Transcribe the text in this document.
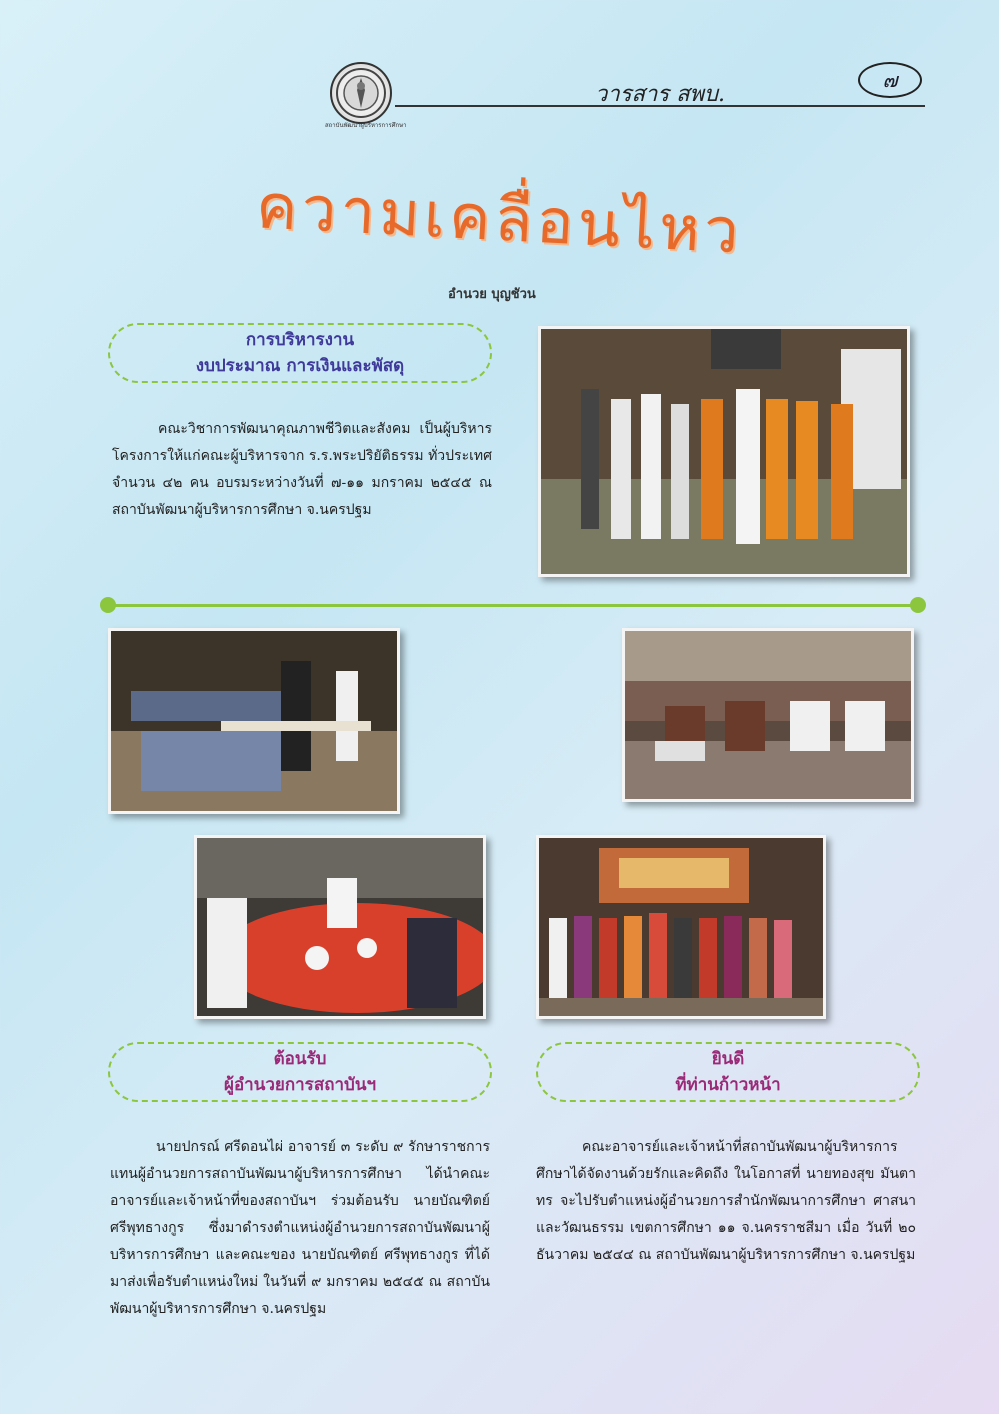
สถาบันพัฒนาผู้บริหารการศึกษา
วารสาร สพบ.
๗
ความเคลื่อนไหว
อำนวย บุญชัวน
การบริหารงาน
งบประมาณ การเงินและพัสดุ
คณะวิชาการพัฒนาคุณภาพชีวิตและสังคม เป็นผู้บริหารโครงการให้แก่คณะผู้บริหารจาก ร.ร.พระปริยัติธรรม ทั่วประเทศ จำนวน ๔๒ คน อบรมระหว่างวันที่ ๗-๑๑ มกราคม ๒๕๔๕ ณ สถาบันพัฒนาผู้บริหารการศึกษา จ.นครปฐม
ต้อนรับ
ผู้อำนวยการสถาบันฯ
นายปกรณ์ ศรีดอนไผ่ อาจารย์ ๓ ระดับ ๙ รักษาราชการแทนผู้อำนวยการสถาบันพัฒนาผู้บริหารการศึกษา ได้นำคณะอาจารย์และเจ้าหน้าที่ของสถาบันฯ ร่วมต้อนรับ นายบัณฑิตย์ ศรีพุทธางกูร ซึ่งมาดำรงตำแหน่งผู้อำนวยการสถาบันพัฒนาผู้บริหารการศึกษา และคณะของ นายบัณฑิตย์ ศรีพุทธางกูร ที่ได้มาส่งเพื่อรับตำแหน่งใหม่ ในวันที่ ๙ มกราคม ๒๕๔๕ ณ สถาบันพัฒนาผู้บริหารการศึกษา จ.นครปฐม
ยินดี
ที่ท่านก้าวหน้า
คณะอาจารย์และเจ้าหน้าที่สถาบันพัฒนาผู้บริหารการศึกษาได้จัดงานด้วยรักและคิดถึง ในโอกาสที่ นายทองสุข มันตาทร จะไปรับตำแหน่งผู้อำนวยการสำนักพัฒนาการศึกษา ศาสนาและวัฒนธรรม เขตการศึกษา ๑๑ จ.นครราชสีมา เมื่อ วันที่ ๒๐ ธันวาคม ๒๕๔๔ ณ สถาบันพัฒนาผู้บริหารการศึกษา จ.นครปฐม
